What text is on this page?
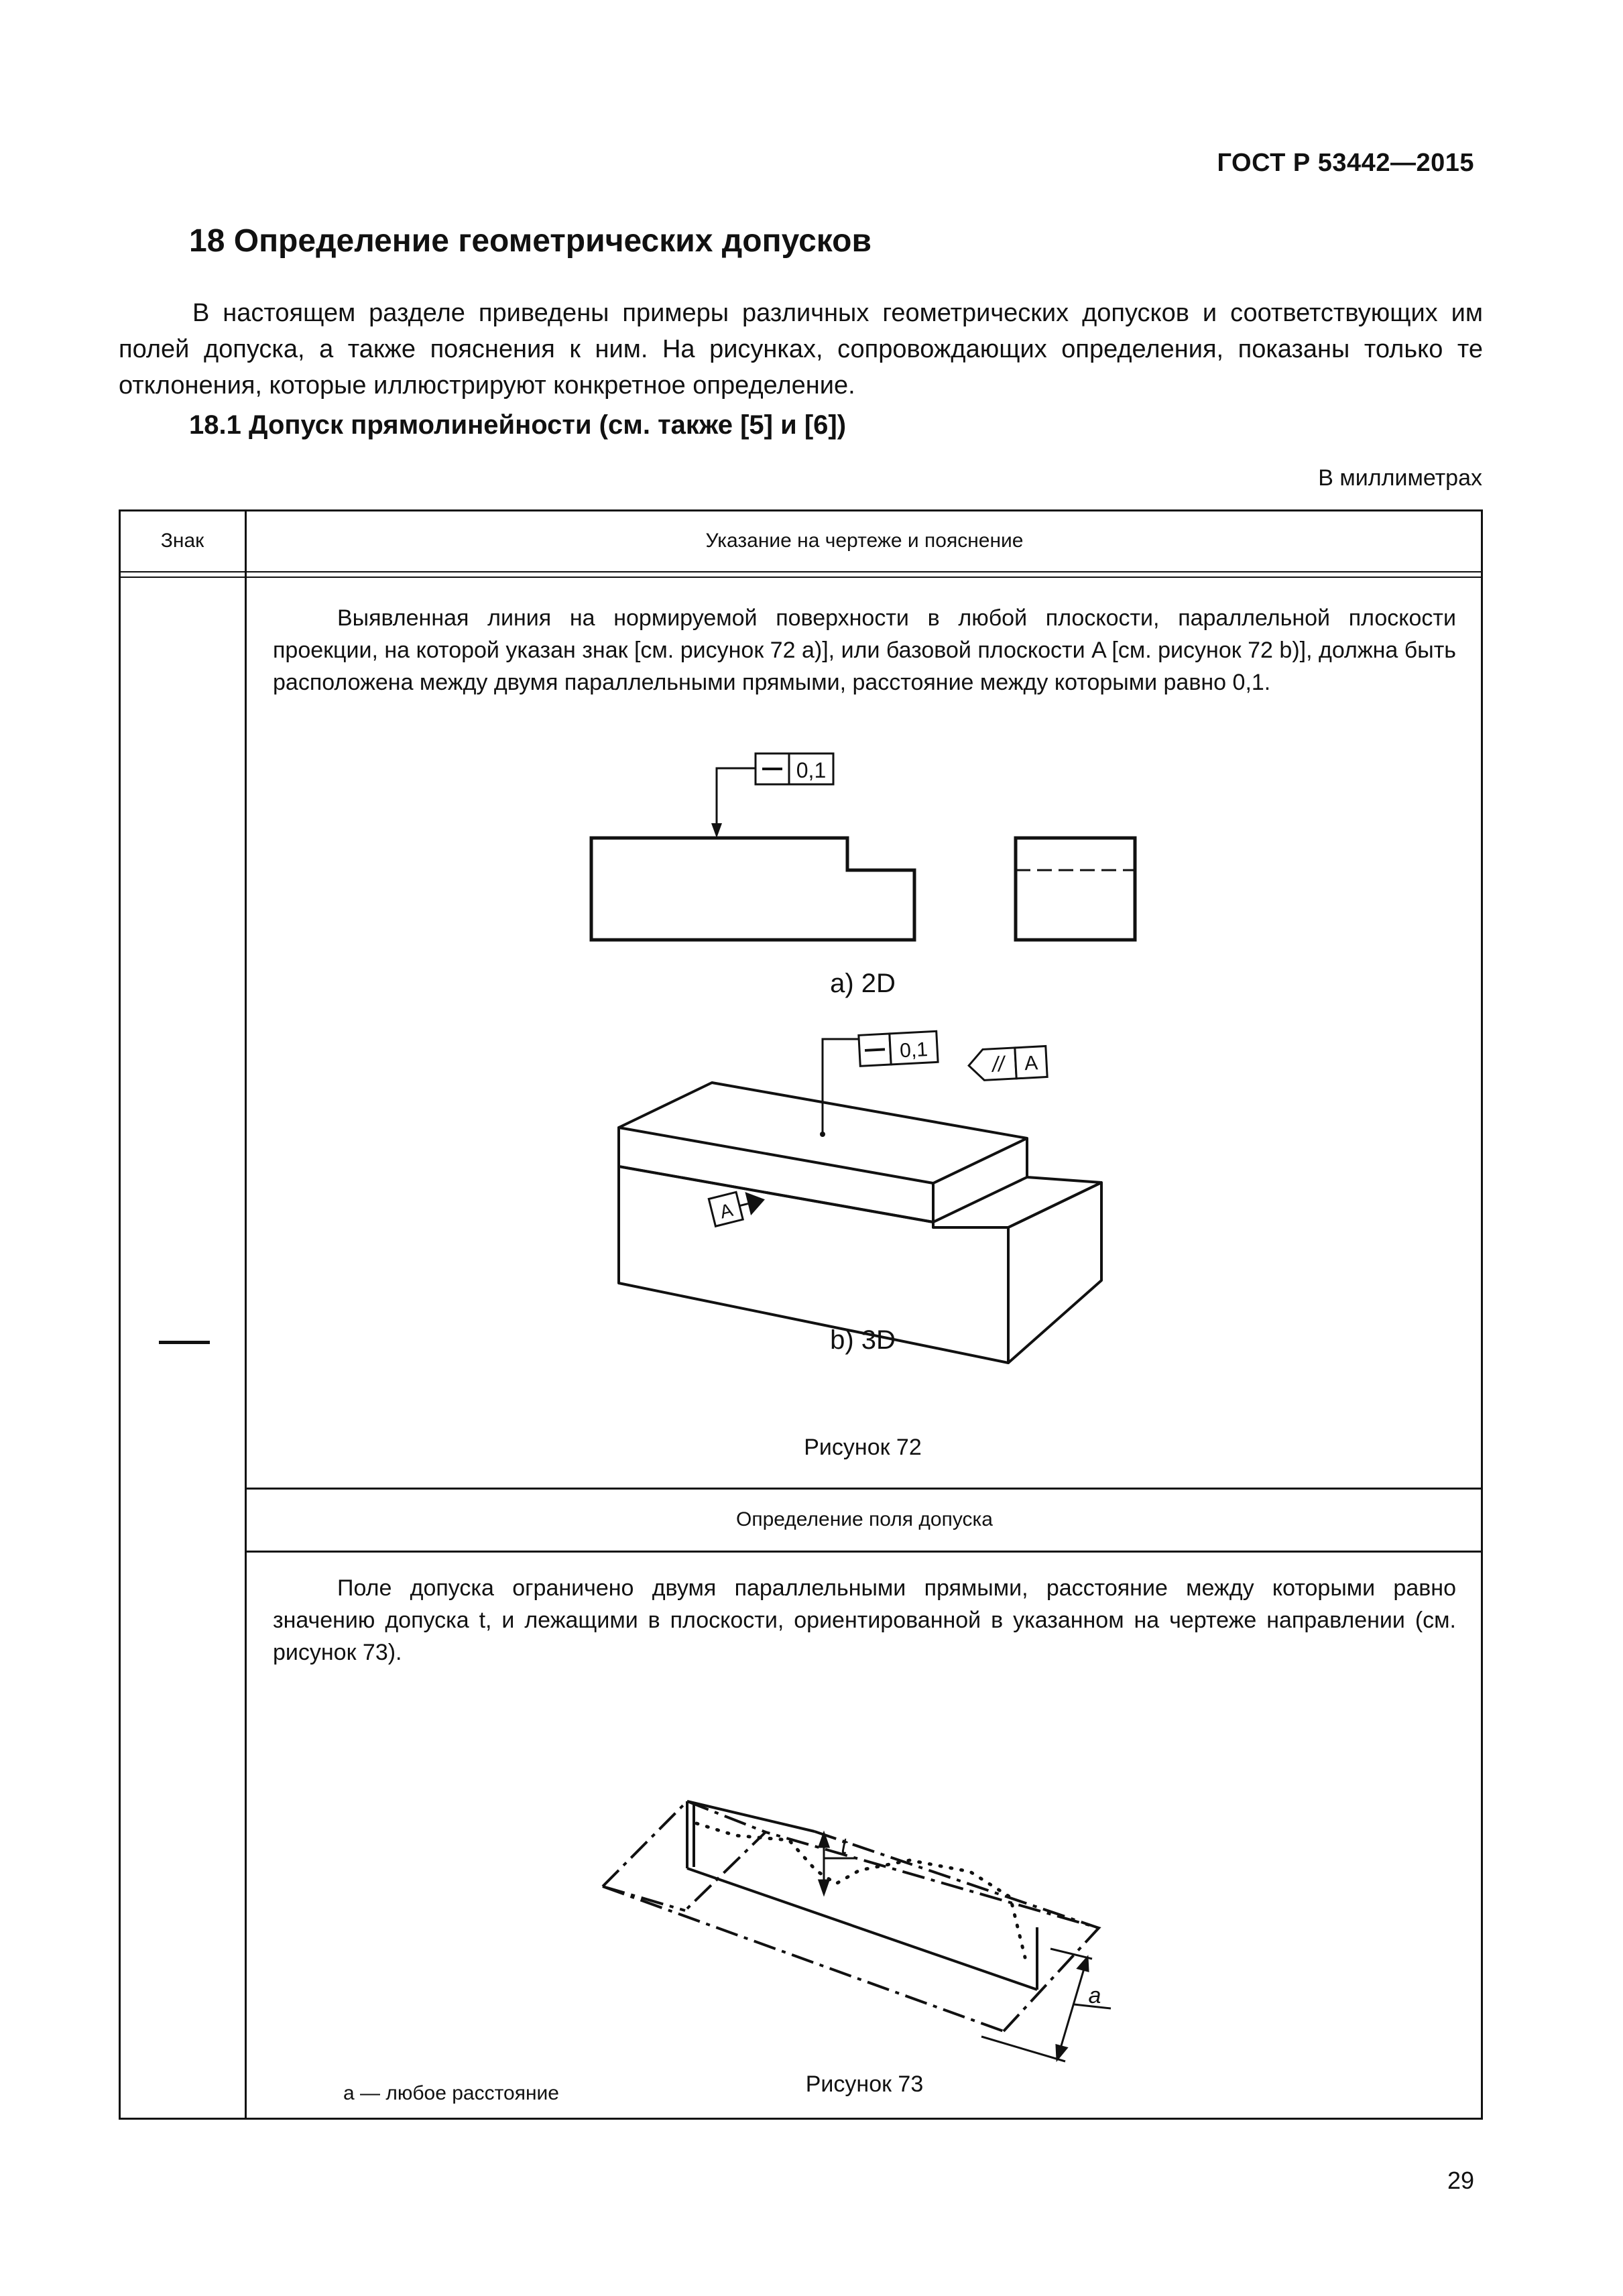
ГОСТ Р 53442—2015
18 Определение геометрических допусков

В настоящем разделе приведены примеры различных геометрических допусков и соответствующих им полей допуска, а также пояснения к ним. На рисунках, сопровождающих определения, показаны только те отклонения, которые иллюстрируют конкретное определение.

18.1 Допуск прямолинейности (см. также [5] и [6])
В миллиметрах
Знак	Указание на чертеже и пояснение

Выявленная линия на нормируемой поверхности в любой плоскости, параллельной плоскости проекции, на которой указан знак [см. рисунок 72 a)], или базовой плоскости A [см. рисунок 72 b)], должна быть расположена между двумя параллельными прямыми, расстояние между которыми равно 0,1.

0,1
a) 2D
0,1
// A
A
b) 3D
Рисунок 72
Определение поля допуска

Поле допуска ограничено двумя параллельными прямыми, расстояние между которыми равно значению допуска t, и лежащими в плоскости, ориентированной в указанном на чертеже направлении (см. рисунок 73).

t
a
a — любое расстояние	Рисунок 73
29
